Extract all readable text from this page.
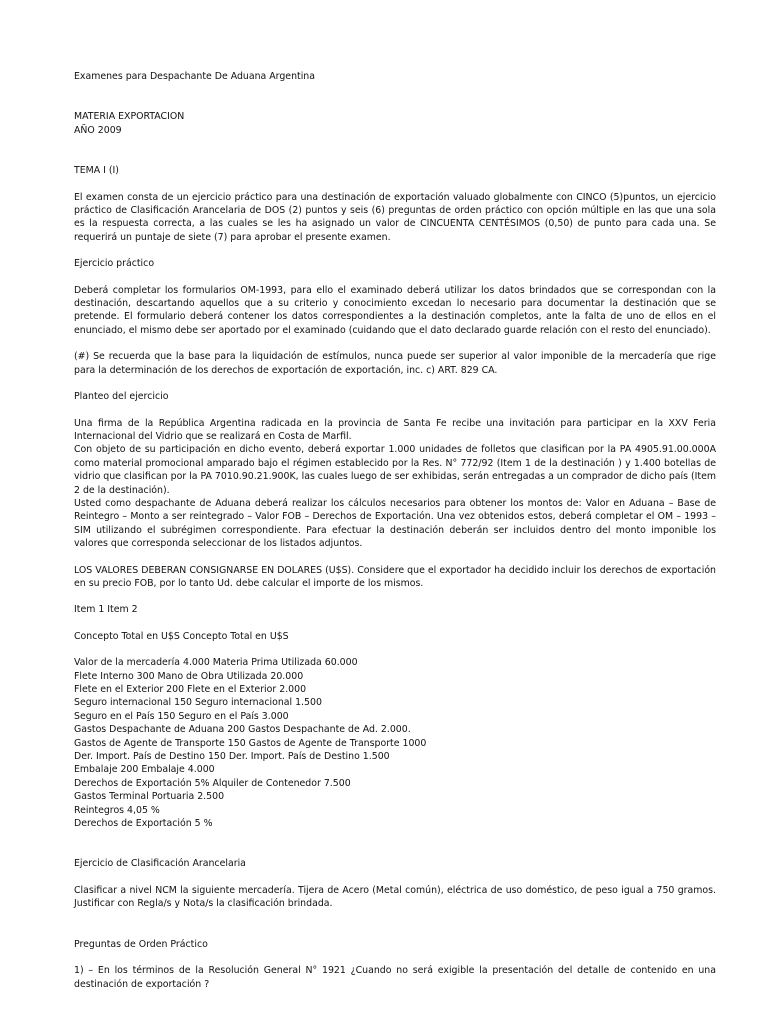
Examenes para Despachante De Aduana Argentina

MATERIA EXPORTACION

AÑO 2009

TEMA I (I)

El examen consta de un ejercicio práctico para una destinación de exportación valuado globalmente con CINCO (5)puntos, un ejercicio práctico de Clasificación Arancelaria de DOS (2) puntos y seis (6) preguntas de orden práctico con opción múltiple en las que una sola es la respuesta correcta, a las cuales se les ha asignado un valor de CINCUENTA CENTÉSIMOS (0,50) de punto para cada una. Se requerirá un puntaje de siete (7) para aprobar el presente examen.

Ejercicio práctico

Deberá completar los formularios OM-1993, para ello el examinado deberá utilizar los datos brindados que se correspondan con la destinación, descartando aquellos que a su criterio y conocimiento excedan lo necesario para documentar la destinación que se pretende. El formulario deberá contener los datos correspondientes a la destinación completos, ante la falta de uno de ellos en el enunciado, el mismo debe ser aportado por el examinado (cuidando que el dato declarado guarde relación con el resto del enunciado).

(#) Se recuerda que la base para la liquidación de estímulos, nunca puede ser superior al valor imponible de la mercadería que rige para la determinación de los derechos de exportación de exportación, inc. c) ART. 829 CA.

Planteo del ejercicio

Una firma de la República Argentina radicada en la provincia de Santa Fe recibe una invitación para participar en la XXV Feria Internacional del Vidrio que se realizará en Costa de Marfil.

Con objeto de su participación en dicho evento, deberá exportar 1.000 unidades de folletos que clasifican por la PA 4905.91.00.000A como material promocional amparado bajo el régimen establecido por la Res. N° 772/92 (Item 1 de la destinación ) y 1.400 botellas de vidrio que clasifican por la PA 7010.90.21.900K, las cuales luego de ser exhibidas, serán entregadas a un comprador de dicho país (Item 2 de la destinación).

Usted como despachante de Aduana deberá realizar los cálculos necesarios para obtener los montos de: Valor en Aduana – Base de Reintegro – Monto a ser reintegrado – Valor FOB – Derechos de Exportación. Una vez obtenidos estos, deberá completar el OM – 1993 – SIM utilizando el subrégimen correspondiente. Para efectuar la destinación deberán ser incluidos dentro del monto imponible los valores que corresponda seleccionar de los listados adjuntos.

LOS VALORES DEBERAN CONSIGNARSE EN DOLARES (U$S). Considere que el exportador ha decidido incluir los derechos de exportación en su precio FOB, por lo tanto Ud. debe calcular el importe de los mismos.

Item 1 Item 2

Concepto Total en U$S Concepto Total en U$S

Valor de la mercadería 4.000 Materia Prima Utilizada 60.000

Flete Interno 300 Mano de Obra Utilizada 20.000

Flete en el Exterior 200 Flete en el Exterior 2.000

Seguro internacional 150 Seguro internacional 1.500

Seguro en el País 150 Seguro en el País 3.000

Gastos Despachante de Aduana 200 Gastos Despachante de Ad. 2.000.

Gastos de Agente de Transporte 150 Gastos de Agente de Transporte 1000

Der. Import. País de Destino 150 Der. Import. País de Destino 1.500

Embalaje 200 Embalaje 4.000

Derechos de Exportación 5% Alquiler de Contenedor 7.500

Gastos Terminal Portuaria 2.500

Reintegros 4,05 %

Derechos de Exportación 5 %

Ejercicio de Clasificación Arancelaria

Clasificar a nivel NCM la siguiente mercadería. Tijera de Acero (Metal común), eléctrica de uso doméstico, de peso igual a 750 gramos. Justificar con Regla/s y Nota/s la clasificación brindada.

Preguntas de Orden Práctico

1) – En los términos de la Resolución General N° 1921 ¿Cuando no será exigible la presentación del detalle de contenido en una destinación de exportación ?
